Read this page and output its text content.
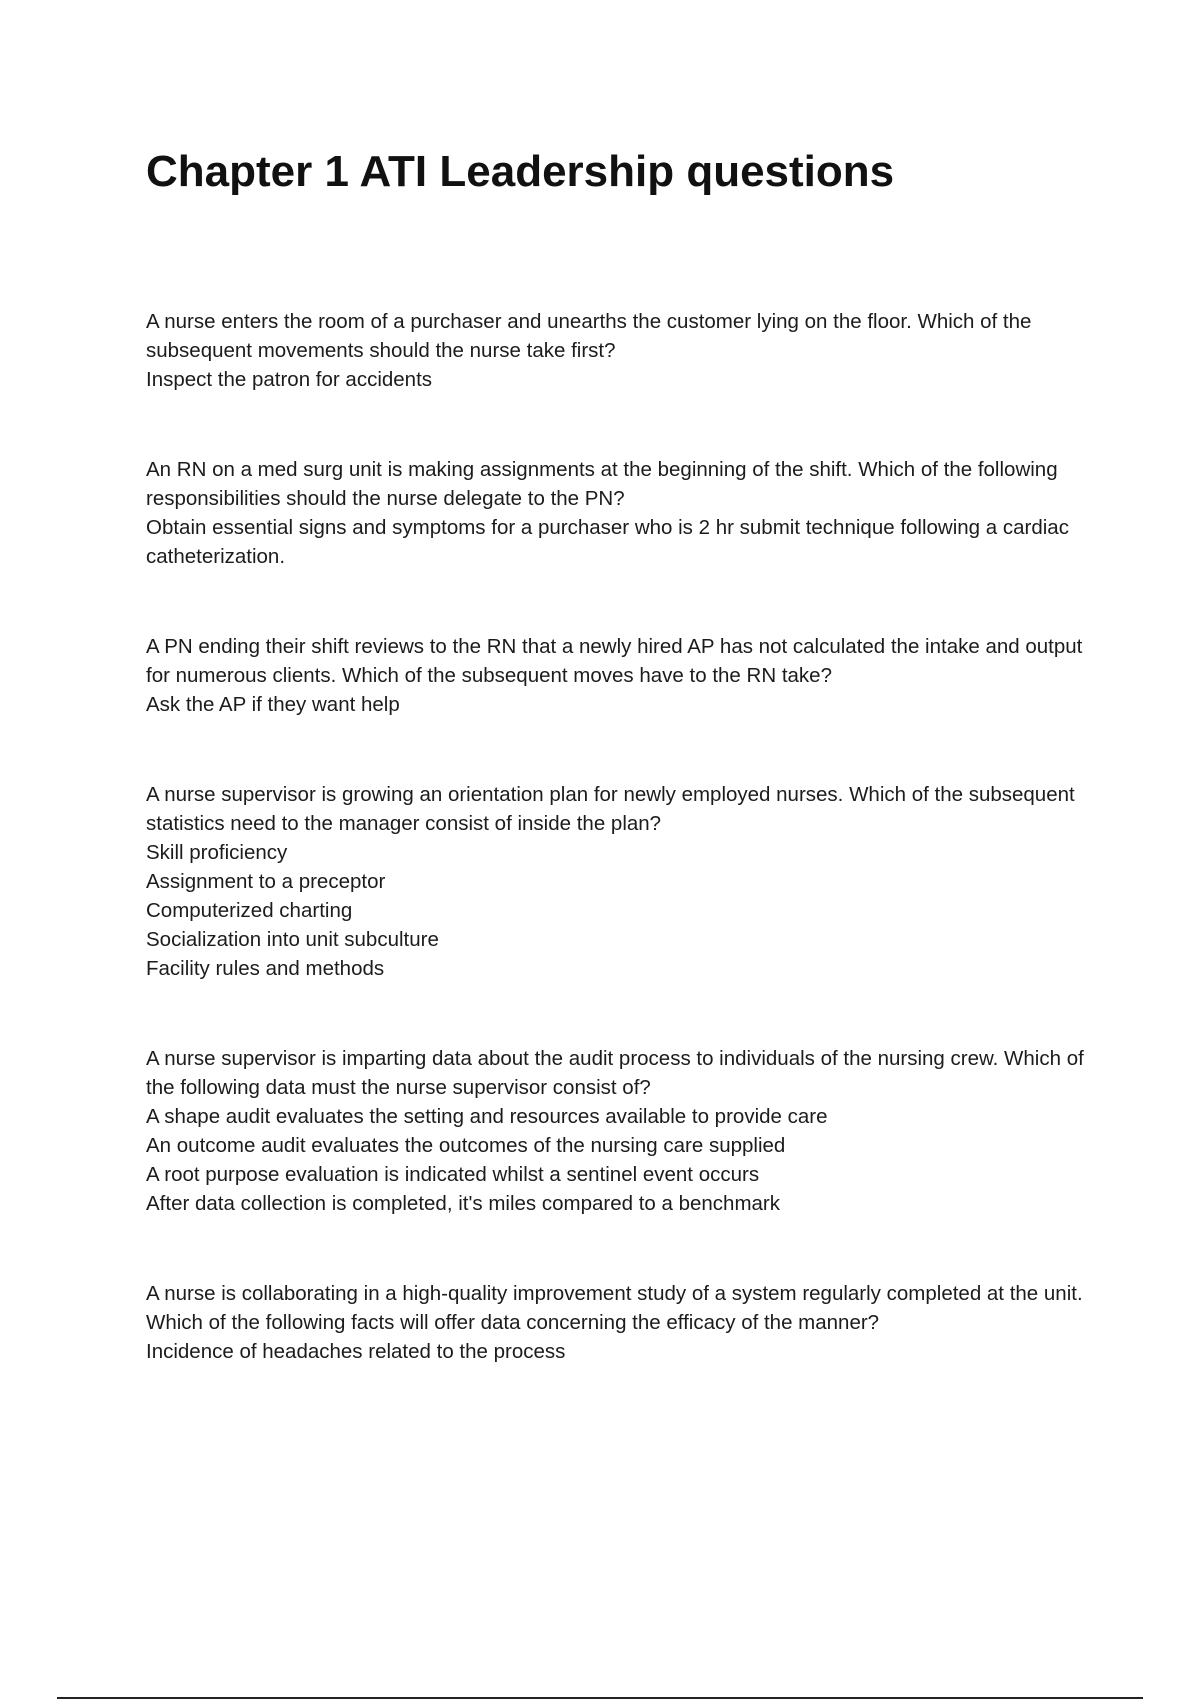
Chapter 1 ATI Leadership questions

A nurse enters the room of a purchaser and unearths the customer lying on the floor. Which of the subsequent movements should the nurse take first?

Inspect the patron for accidents

An RN on a med surg unit is making assignments at the beginning of the shift. Which of the following responsibilities should the nurse delegate to the PN?

Obtain essential signs and symptoms for a purchaser who is 2 hr submit technique following a cardiac catheterization.

A PN ending their shift reviews to the RN that a newly hired AP has not calculated the intake and output for numerous clients. Which of the subsequent moves have to the RN take?

Ask the AP if they want help

A nurse supervisor is growing an orientation plan for newly employed nurses. Which of the subsequent statistics need to the manager consist of inside the plan?

Skill proficiency
Assignment to a preceptor
Computerized charting
Socialization into unit subculture
Facility rules and methods

A nurse supervisor is imparting data about the audit process to individuals of the nursing crew. Which of the following data must the nurse supervisor consist of?

A shape audit evaluates the setting and resources available to provide care
An outcome audit evaluates the outcomes of the nursing care supplied
A root purpose evaluation is indicated whilst a sentinel event occurs
After data collection is completed, it's miles compared to a benchmark

A nurse is collaborating in a high-quality improvement study of a system regularly completed at the unit. Which of the following facts will offer data concerning the efficacy of the manner?

Incidence of headaches related to the process
